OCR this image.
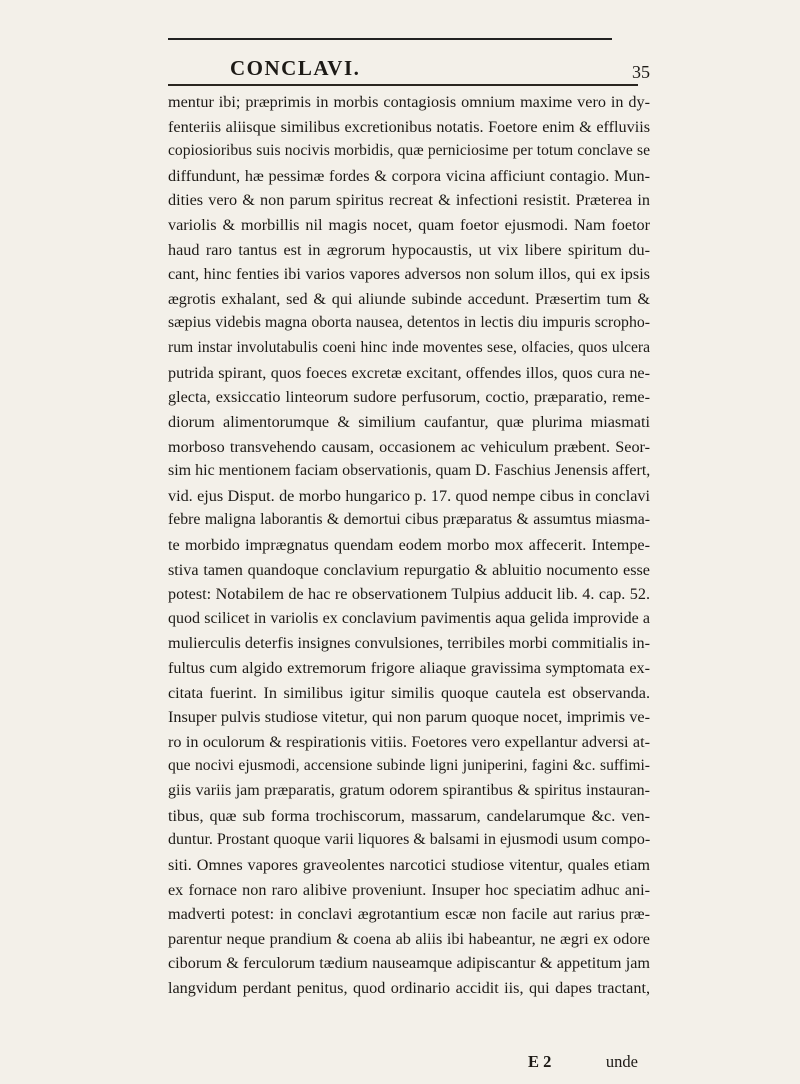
CONCLAVI.	35
mentur ibi; præprimis in morbis contagiosis omnium maxime vero in dy-
fenteriis aliisque similibus excretionibus notatis. Foetore enim & effluviis
copiosioribus suis nocivis morbidis, quæ perniciosime per totum conclave se
diffundunt, hæ pessimæ fordes & corpora vicina afficiunt contagio. Mun-
dities vero & non parum spiritus recreat & infectioni resistit. Præterea in
variolis & morbillis nil magis nocet, quam foetor ejusmodi. Nam foetor
haud raro tantus est in ægrorum hypocaustis, ut vix libere spiritum du-
cant, hinc fenties ibi varios vapores adversos non solum illos, qui ex ipsis
ægrotis exhalant, sed & qui aliunde subinde accedunt. Præsertim tum &
sæpius videbis magna oborta nausea, detentos in lectis diu impuris scropho-
rum instar involutabulis coeni hinc inde moventes sese, olfacies, quos ulcera
putrida spirant, quos foeces excretæ excitant, offendes illos, quos cura ne-
glecta, exsiccatio linteorum sudore perfusorum, coctio, præparatio, reme-
diorum alimentorumque & similium caufantur, quæ plurima miasmati
morboso transvehendo causam, occasionem ac vehiculum præbent. Seor-
sim hic mentionem faciam observationis, quam D. Faschius Jenensis affert,
vid. ejus Disput. de morbo hungarico p. 17. quod nempe cibus in conclavi
febre maligna laborantis & demortui cibus præparatus & assumtus miasma-
te morbido imprægnatus quendam eodem morbo mox affecerit. Intempe-
stiva tamen quandoque conclavium repurgatio & abluitio nocumento esse
potest: Notabilem de hac re observationem Tulpius adducit lib. 4. cap. 52.
quod scilicet in variolis ex conclavium pavimentis aqua gelida improvide a
mulierculis deterfis insignes convulsiones, terribiles morbi commitialis in-
fultus cum algido extremorum frigore aliaque gravissima symptomata ex-
citata fuerint. In similibus igitur similis quoque cautela est observanda.
Insuper pulvis studiose vitetur, qui non parum quoque nocet, imprimis ve-
ro in oculorum & respirationis vitiis. Foetores vero expellantur adversi at-
que nocivi ejusmodi, accensione subinde ligni juniperini, fagini &c. suffimi-
giis variis jam præparatis, gratum odorem spirantibus & spiritus instauran-
tibus, quæ sub forma trochiscorum, massarum, candelarumque &c. ven-
duntur. Prostant quoque varii liquores & balsami in ejusmodi usum compo-
siti. Omnes vapores graveolentes narcotici studiose vitentur, quales etiam
ex fornace non raro alibive proveniunt. Insuper hoc speciatim adhuc ani-
madverti potest: in conclavi ægrotantium escæ non facile aut rarius præ-
parentur neque prandium & coena ab aliis ibi habeantur, ne ægri ex odore
ciborum & ferculorum tædium nauseamque adipiscantur & appetitum jam
langvidum perdant penitus, quod ordinario accidit iis, qui dapes tractant,
E 2	unde
